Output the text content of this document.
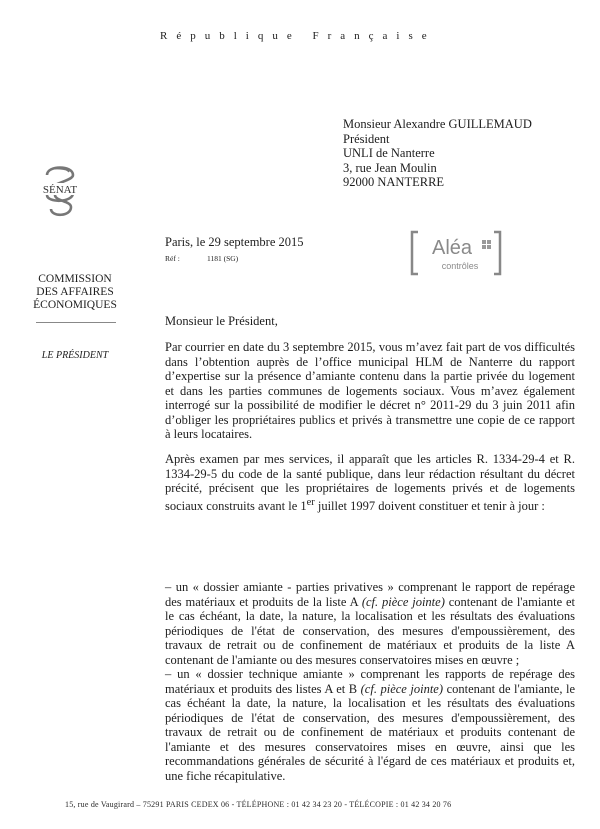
République Française
Monsieur Alexandre GUILLEMAUD
Président
UNLI de Nanterre
3, rue Jean Moulin
92000 NANTERRE
SÉNAT
COMMISSION
DES AFFAIRES
ÉCONOMIQUES
LE PRÉSIDENT
Paris, le 29 septembre 2015
Réf :	1181 (SG)	Aléa
contrôles
Monsieur le Président,

Par courrier en date du 3 septembre 2015, vous m’avez fait part de vos difficultés dans l’obtention auprès de l’office municipal HLM de Nanterre du rapport d’expertise sur la présence d’amiante contenu dans la partie privée du logement et dans les parties communes de logements sociaux. Vous m’avez également interrogé sur la possibilité de modifier le décret n° 2011-29 du 3 juin 2011 afin d’obliger les propriétaires publics et privés à transmettre une copie de ce rapport à leurs locataires.

Après examen par mes services, il apparaît que les articles R. 1334-29-4 et R. 1334-29-5 du code de la santé publique, dans leur rédaction résultant du décret précité, précisent que les propriétaires de logements privés et de logements sociaux construits avant le 1er juillet 1997 doivent constituer et tenir à jour :

– un « dossier amiante - parties privatives » comprenant le rapport de repérage des matériaux et produits de la liste A (cf. pièce jointe) contenant de l'amiante et le cas échéant, la date, la nature, la localisation et les résultats des évaluations périodiques de l'état de conservation, des mesures d'empoussièrement, des travaux de retrait ou de confinement de matériaux et produits de la liste A contenant de l'amiante ou des mesures conservatoires mises en œuvre ;

– un « dossier technique amiante » comprenant les rapports de repérage des matériaux et produits des listes A et B (cf. pièce jointe) contenant de l'amiante, le cas échéant la date, la nature, la localisation et les résultats des évaluations périodiques de l'état de conservation, des mesures d'empoussièrement, des travaux de retrait ou de confinement de matériaux et produits contenant de l'amiante et des mesures conservatoires mises en œuvre, ainsi que les recommandations générales de sécurité à l'égard de ces matériaux et produits et, une fiche récapitulative.

15, rue de Vaugirard – 75291 PARIS CEDEX 06 - TÉLÉPHONE : 01 42 34 23 20 - TÉLÉCOPIE : 01 42 34 20 76
